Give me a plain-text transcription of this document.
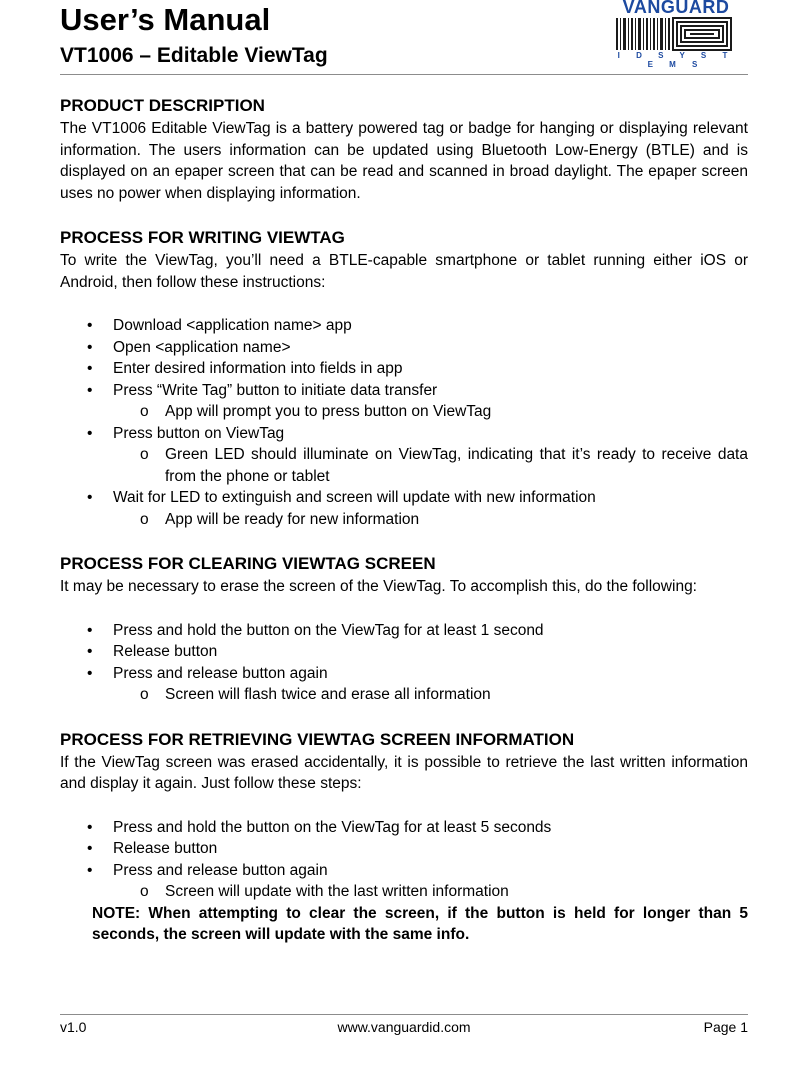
User’s Manual
VT1006 – Editable ViewTag
VANGUARD
I D S Y S T E M S
PRODUCT DESCRIPTION

The VT1006 Editable ViewTag is a battery powered tag or badge for hanging or displaying relevant information. The users information can be updated using Bluetooth Low-Energy (BTLE) and is displayed on an epaper screen that can be read and scanned in broad daylight. The epaper screen uses no power when displaying information.

PROCESS FOR WRITING VIEWTAG

To write the ViewTag, you’ll need a BTLE-capable smartphone or tablet running either iOS or Android, then follow these instructions:

• Download <application name> app
• Open <application name>
• Enter desired information into fields in app
• Press “Write Tag” button to initiate data transfer
o App will prompt you to press button on ViewTag
• Press button on ViewTag
o Green LED should illuminate on ViewTag, indicating that it’s ready to receive data from the phone or tablet
• Wait for LED to extinguish and screen will update with new information
o App will be ready for new information
PROCESS FOR CLEARING VIEWTAG SCREEN

It may be necessary to erase the screen of the ViewTag. To accomplish this, do the following:

• Press and hold the button on the ViewTag for at least 1 second
• Release button
• Press and release button again
o Screen will flash twice and erase all information
PROCESS FOR RETRIEVING VIEWTAG SCREEN INFORMATION

If the ViewTag screen was erased accidentally, it is possible to retrieve the last written information and display it again. Just follow these steps:

• Press and hold the button on the ViewTag for at least 5 seconds
• Release button
• Press and release button again
o Screen will update with the last written information

NOTE: When attempting to clear the screen, if the button is held for longer than 5 seconds, the screen will update with the same info.

v1.0	www.vanguardid.com	Page 1
